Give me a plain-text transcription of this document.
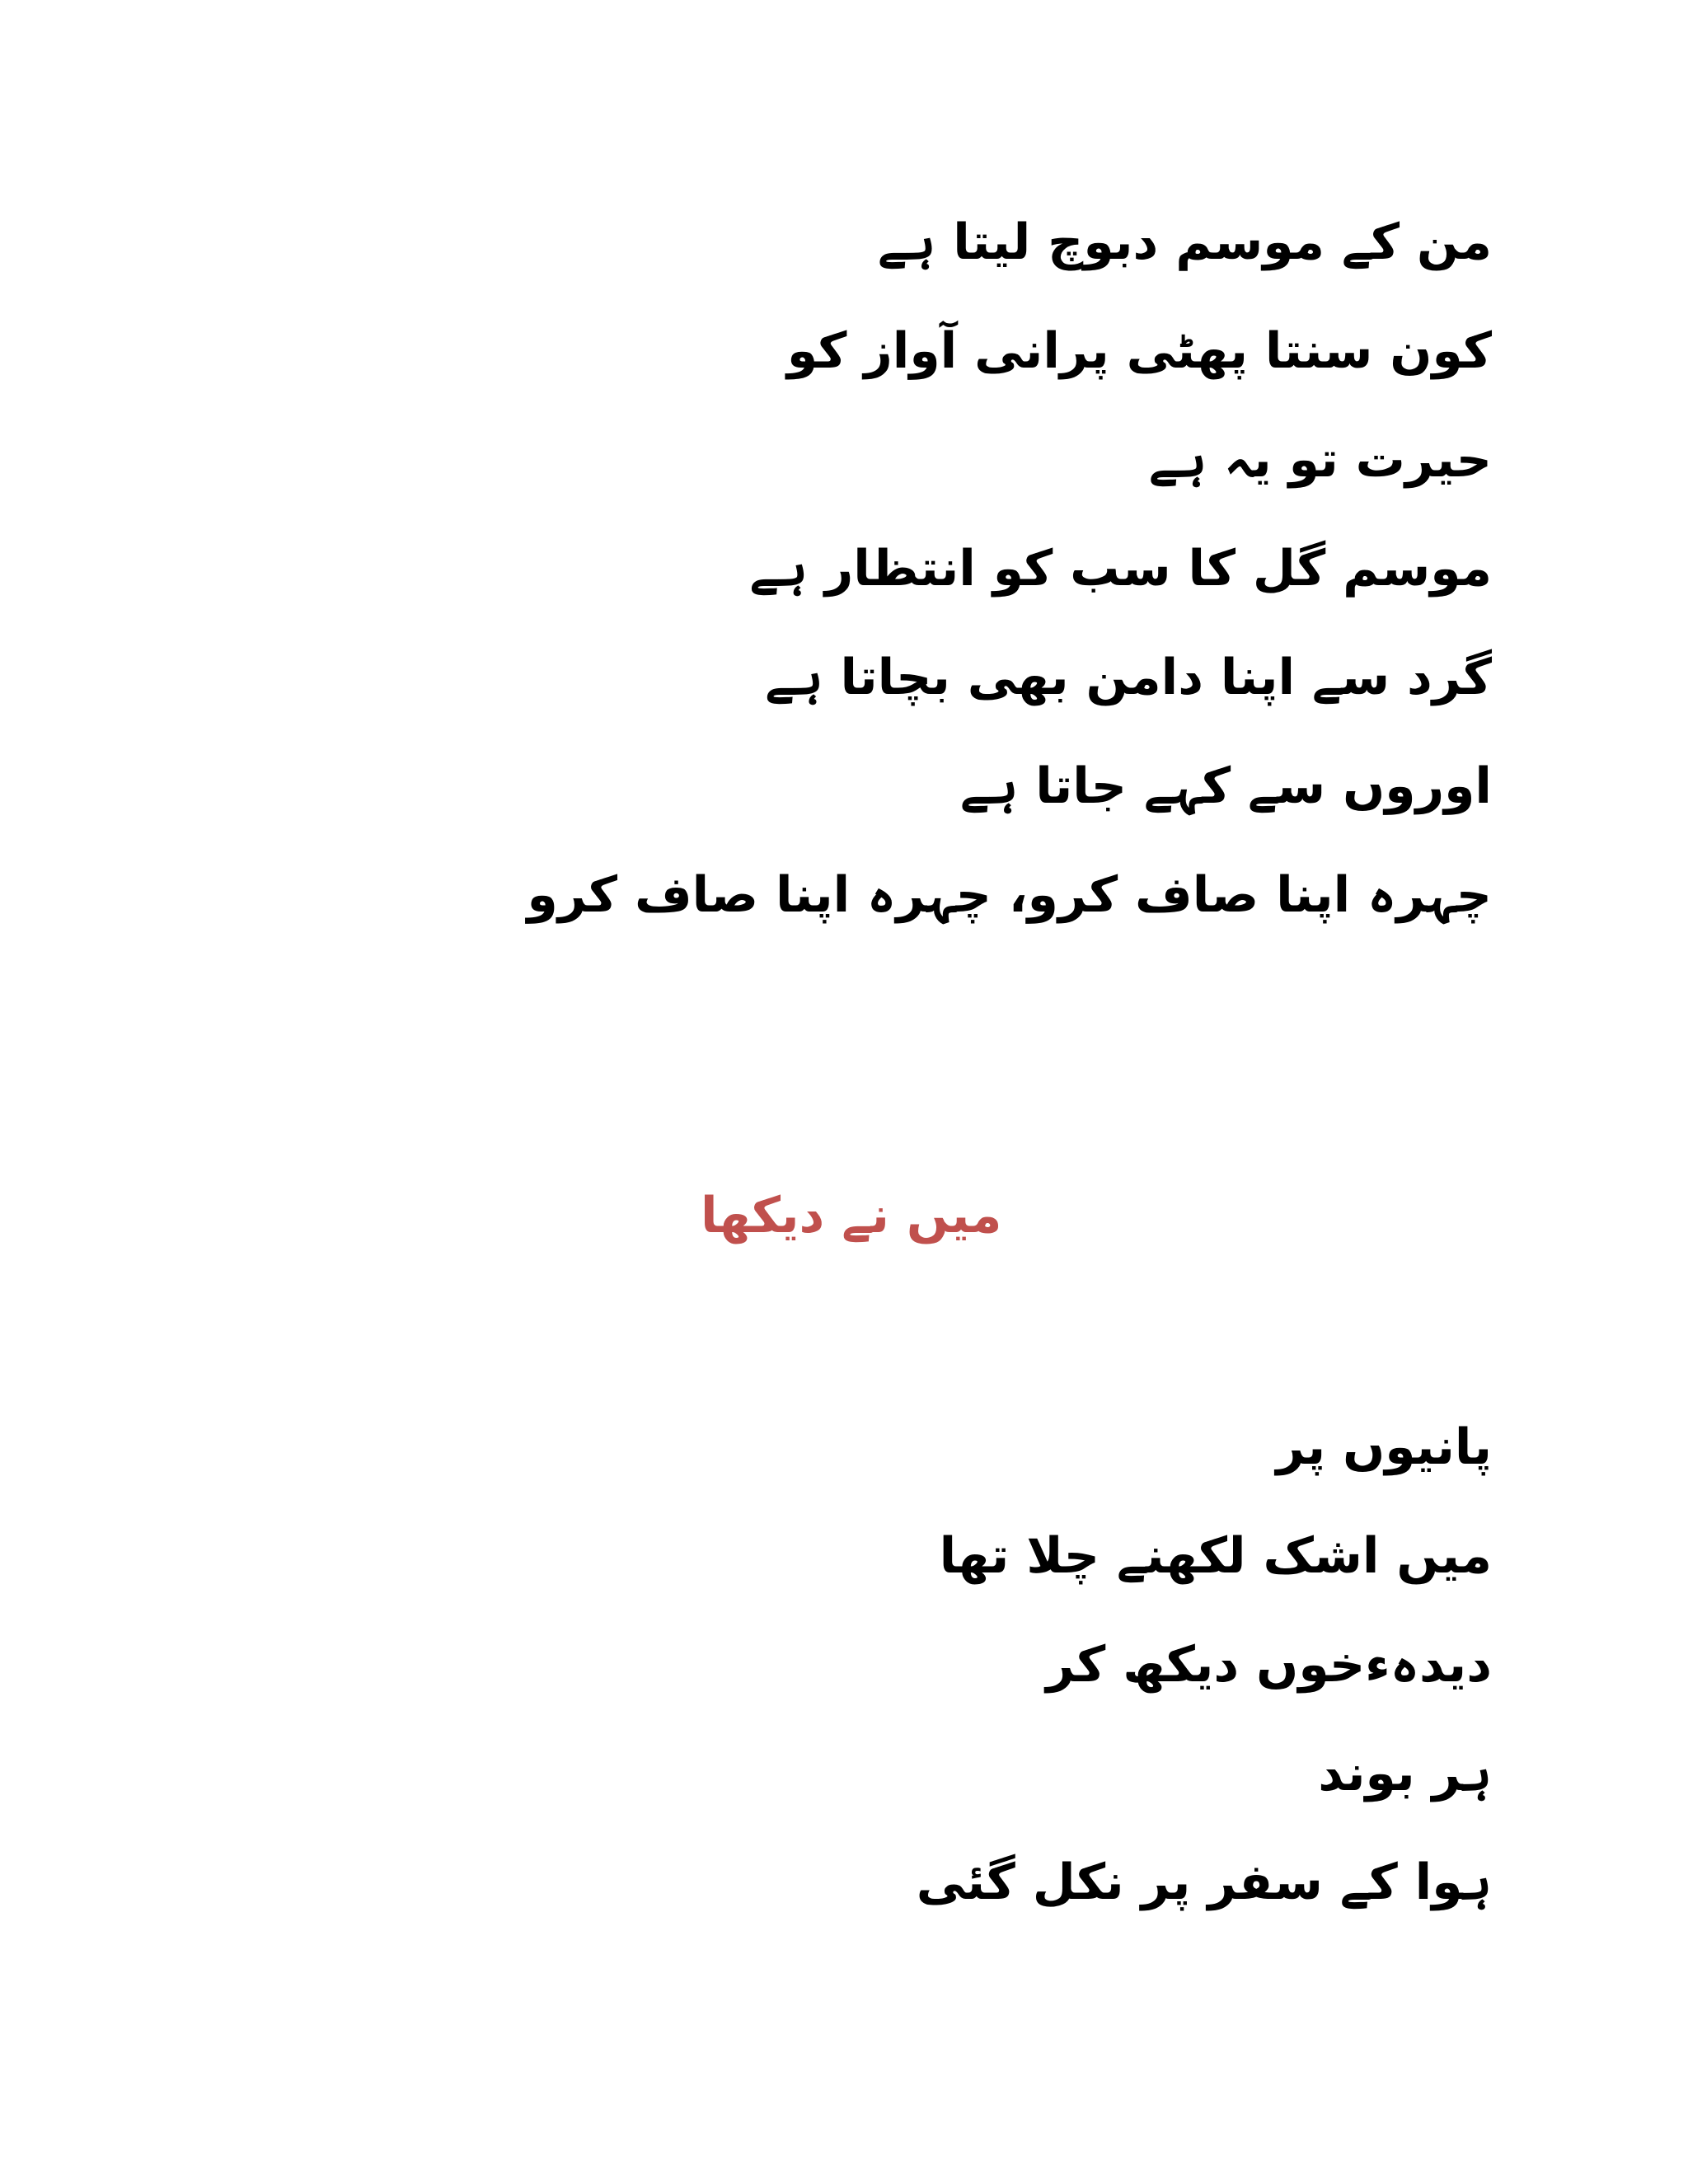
من کے موسم دبوچ لیتا ہے
کون سنتا پھٹی پرانی آواز کو
حیرت تو یہ ہے
موسم گل کا سب کو انتظار ہے
گرد سے اپنا دامن بھی بچاتا ہے
اوروں سے کہے جاتا ہے
چہرہ اپنا صاف کرو، چہرہ اپنا صاف کرو
میں نے دیکھا
پانیوں پر
میں اشک لکھنے چلا تھا
دیدہءخوں دیکھ کر
ہر بوند
ہوا کے سفر پر نکل گئی
